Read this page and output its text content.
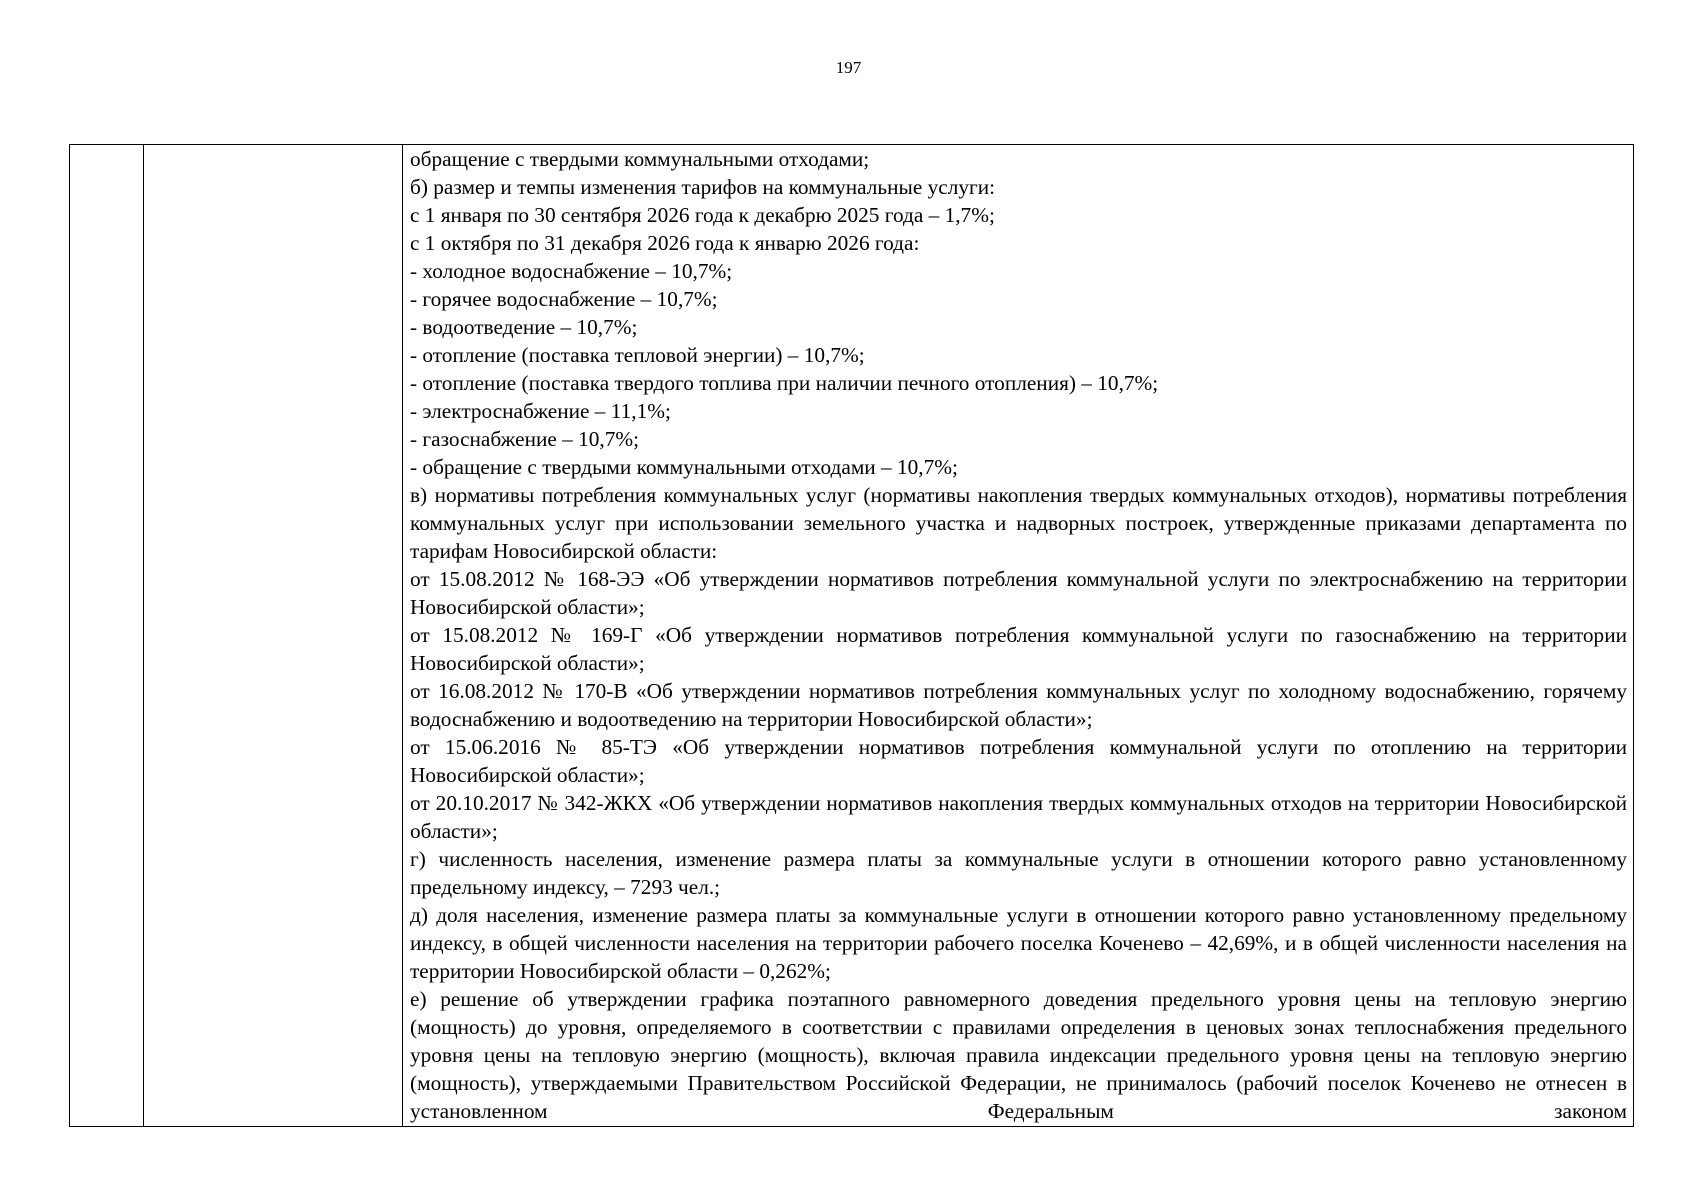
197

обращение с твердыми коммунальными отходами;

б) размер и темпы изменения тарифов на коммунальные услуги:

с 1 января по 30 сентября 2026 года к декабрю 2025 года – 1,7%;

с 1 октября по 31 декабря 2026 года к январю 2026 года:

- холодное водоснабжение – 10,7%;

- горячее водоснабжение – 10,7%;

- водоотведение – 10,7%;

- отопление (поставка тепловой энергии) – 10,7%;

- отопление (поставка твердого топлива при наличии печного отопления) – 10,7%;

- электроснабжение – 11,1%;

- газоснабжение – 10,7%;

- обращение с твердыми коммунальными отходами – 10,7%;

в) нормативы потребления коммунальных услуг (нормативы накопления твердых коммунальных отходов), нормативы потребления коммунальных услуг при использовании земельного участка и надворных построек, утвержденные приказами департамента по тарифам Новосибирской области:

от 15.08.2012 № 168-ЭЭ «Об утверждении нормативов потребления коммунальной услуги по электроснабжению на территории Новосибирской области»;

от 15.08.2012 № 169-Г «Об утверждении нормативов потребления коммунальной услуги по газоснабжению на территории Новосибирской области»;

от 16.08.2012 № 170-В «Об утверждении нормативов потребления коммунальных услуг по холодному водоснабжению, горячему водоснабжению и водоотведению на территории Новосибирской области»;

от 15.06.2016 № 85-ТЭ «Об утверждении нормативов потребления коммунальной услуги по отоплению на территории Новосибирской области»;

от 20.10.2017 № 342-ЖКХ «Об утверждении нормативов накопления твердых коммунальных отходов на территории Новосибирской области»;

г) численность населения, изменение размера платы за коммунальные услуги в отношении которого равно установленному предельному индексу, – 7293 чел.;

д) доля населения, изменение размера платы за коммунальные услуги в отношении которого равно установленному предельному индексу, в общей численности населения на территории рабочего поселка Коченево – 42,69%, и в общей численности населения на территории Новосибирской области – 0,262%;

е) решение об утверждении графика поэтапного равномерного доведения предельного уровня цены на тепловую энергию (мощность) до уровня, определяемого в соответствии с правилами определения в ценовых зонах теплоснабжения предельного уровня цены на тепловую энергию (мощность), включая правила индексации предельного уровня цены на тепловую энергию (мощность), утверждаемыми Правительством Российской Федерации, не принималось (рабочий поселок Коченево не отнесен в установленном Федеральным законом
